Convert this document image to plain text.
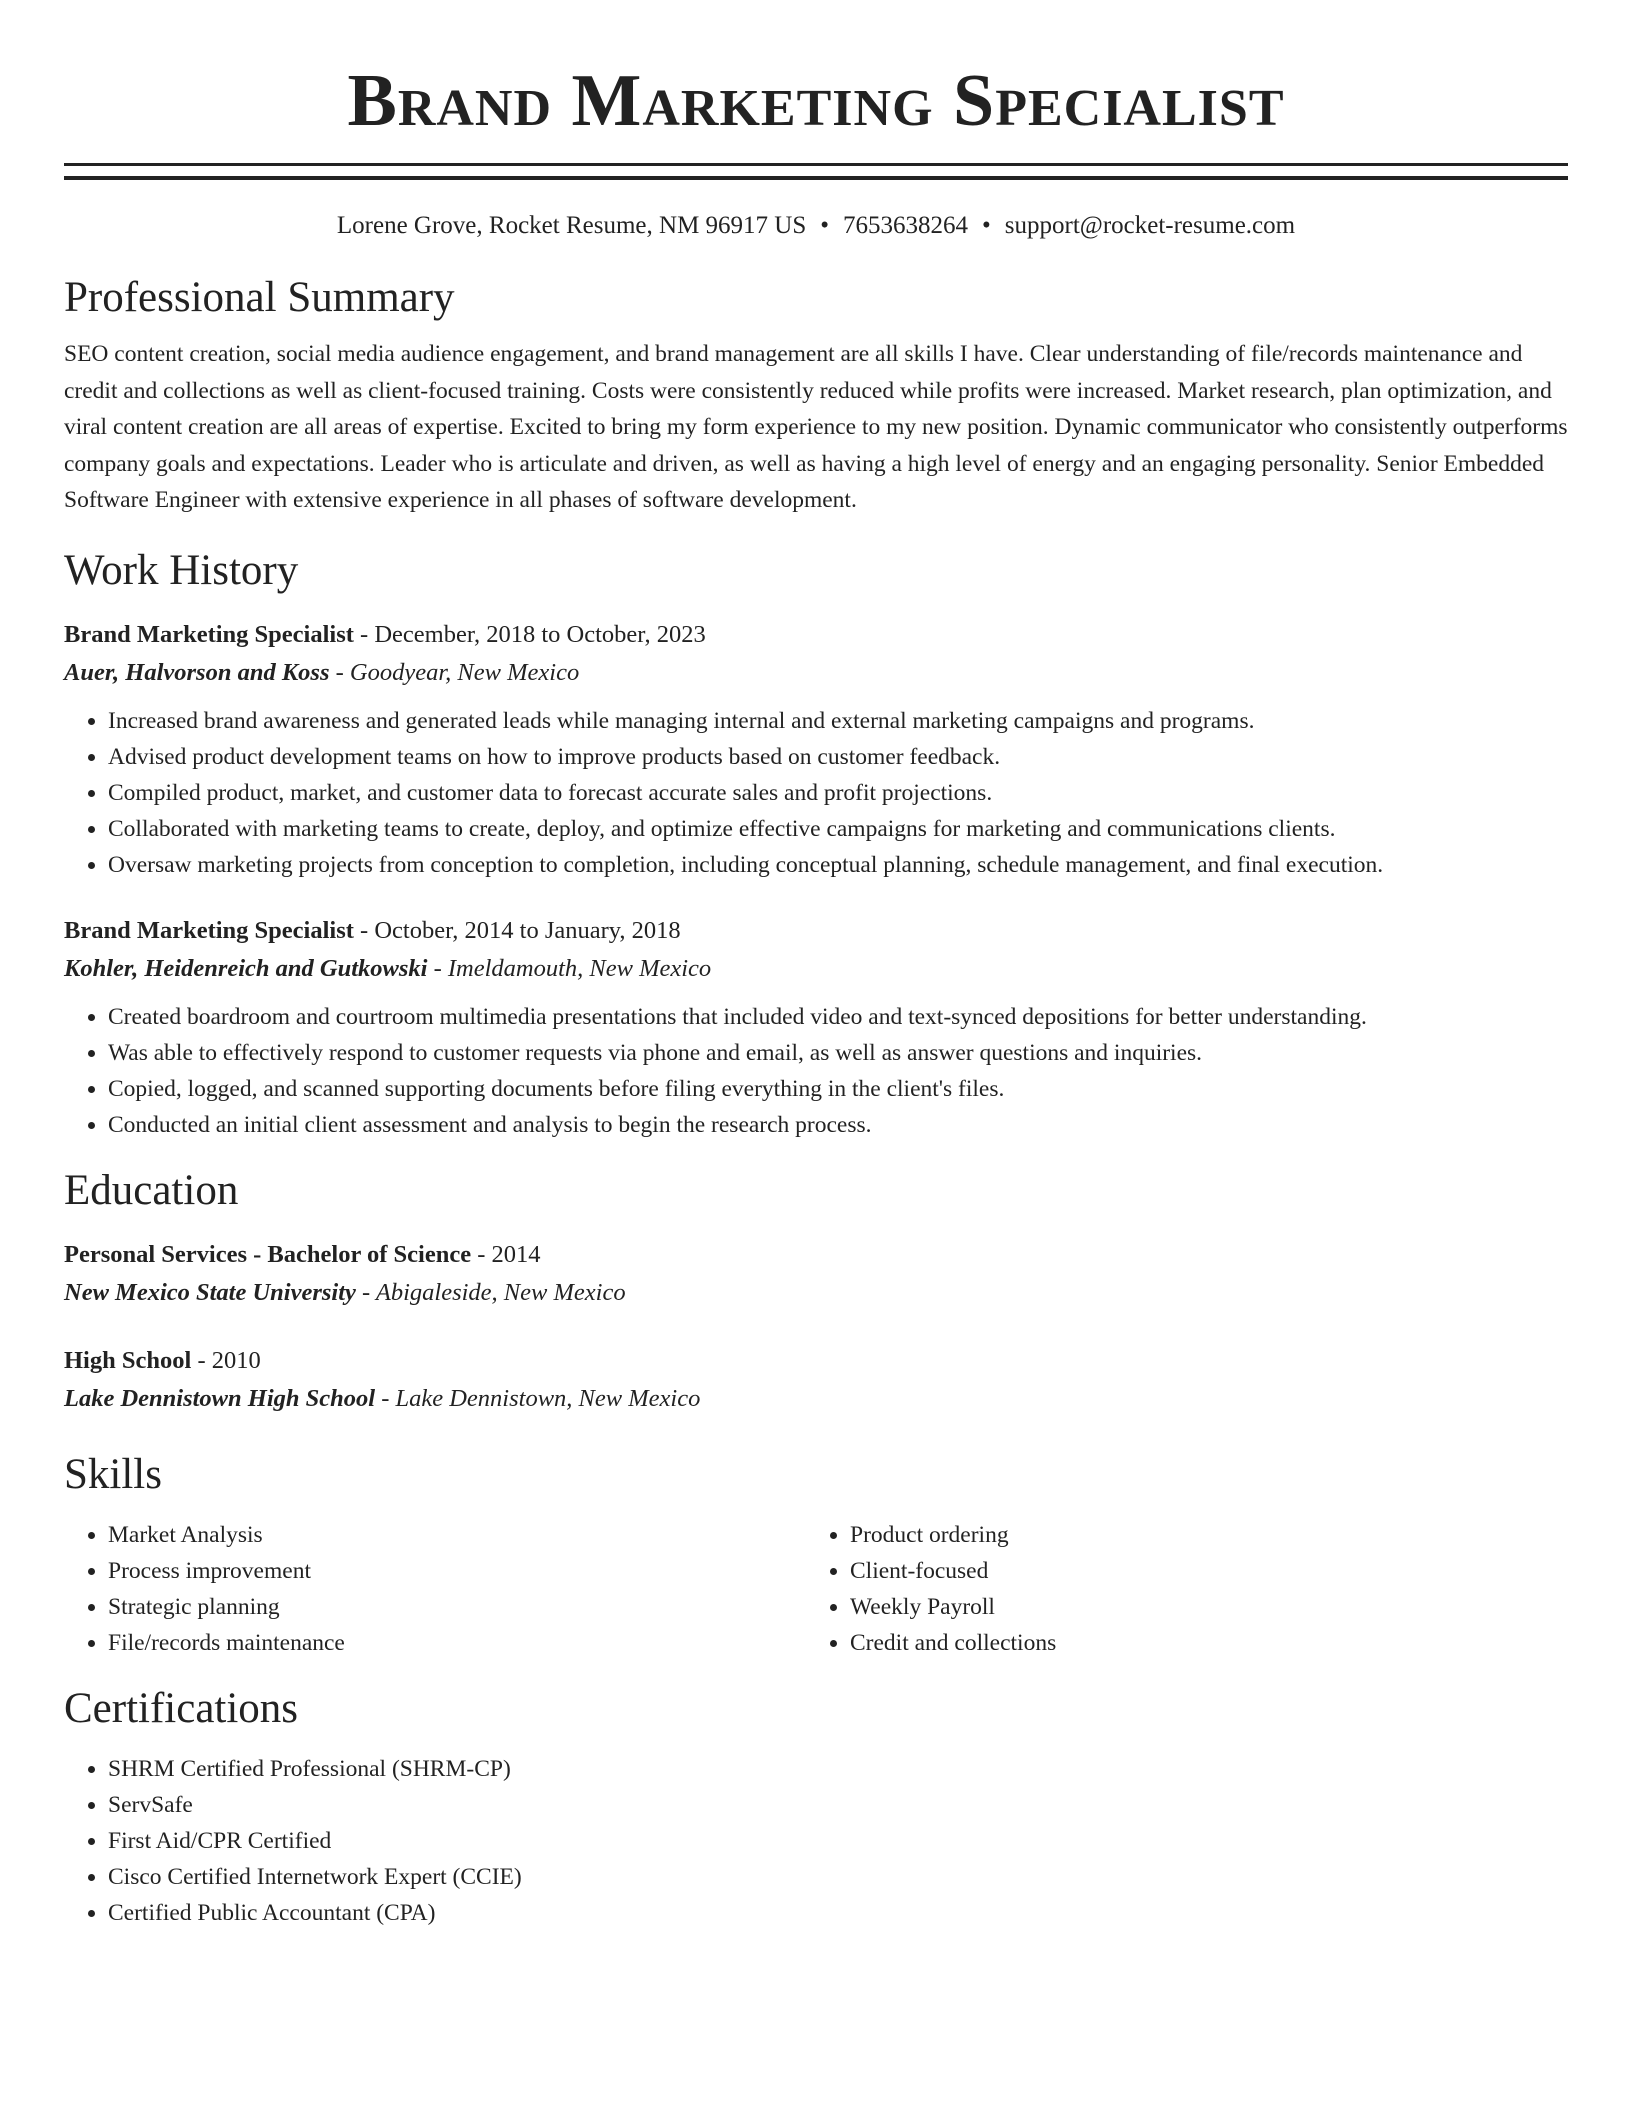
Brand Marketing Specialist
Lorene Grove, Rocket Resume, NM 96917 US • 7653638264 • support@rocket-resume.com
Professional Summary
SEO content creation, social media audience engagement, and brand management are all skills I have. Clear understanding of file/records maintenance and credit and collections as well as client-focused training. Costs were consistently reduced while profits were increased. Market research, plan optimization, and viral content creation are all areas of expertise. Excited to bring my form experience to my new position. Dynamic communicator who consistently outperforms company goals and expectations. Leader who is articulate and driven, as well as having a high level of energy and an engaging personality. Senior Embedded Software Engineer with extensive experience in all phases of software development.
Work History
Brand Marketing Specialist - December, 2018 to October, 2023
Auer, Halvorson and Koss - Goodyear, New Mexico
• Increased brand awareness and generated leads while managing internal and external marketing campaigns and programs.
• Advised product development teams on how to improve products based on customer feedback.
• Compiled product, market, and customer data to forecast accurate sales and profit projections.
• Collaborated with marketing teams to create, deploy, and optimize effective campaigns for marketing and communications clients.
• Oversaw marketing projects from conception to completion, including conceptual planning, schedule management, and final execution.
Brand Marketing Specialist - October, 2014 to January, 2018
Kohler, Heidenreich and Gutkowski - Imeldamouth, New Mexico
• Created boardroom and courtroom multimedia presentations that included video and text-synced depositions for better understanding.
• Was able to effectively respond to customer requests via phone and email, as well as answer questions and inquiries.
• Copied, logged, and scanned supporting documents before filing everything in the client's files.
• Conducted an initial client assessment and analysis to begin the research process.
Education
Personal Services - Bachelor of Science - 2014
New Mexico State University - Abigaleside, New Mexico
High School - 2010
Lake Dennistown High School - Lake Dennistown, New Mexico
Skills
• Market Analysis
• Process improvement
• Strategic planning
• File/records maintenance
• Product ordering
• Client-focused
• Weekly Payroll
• Credit and collections
Certifications
• SHRM Certified Professional (SHRM-CP)
• ServSafe
• First Aid/CPR Certified
• Cisco Certified Internetwork Expert (CCIE)
• Certified Public Accountant (CPA)
